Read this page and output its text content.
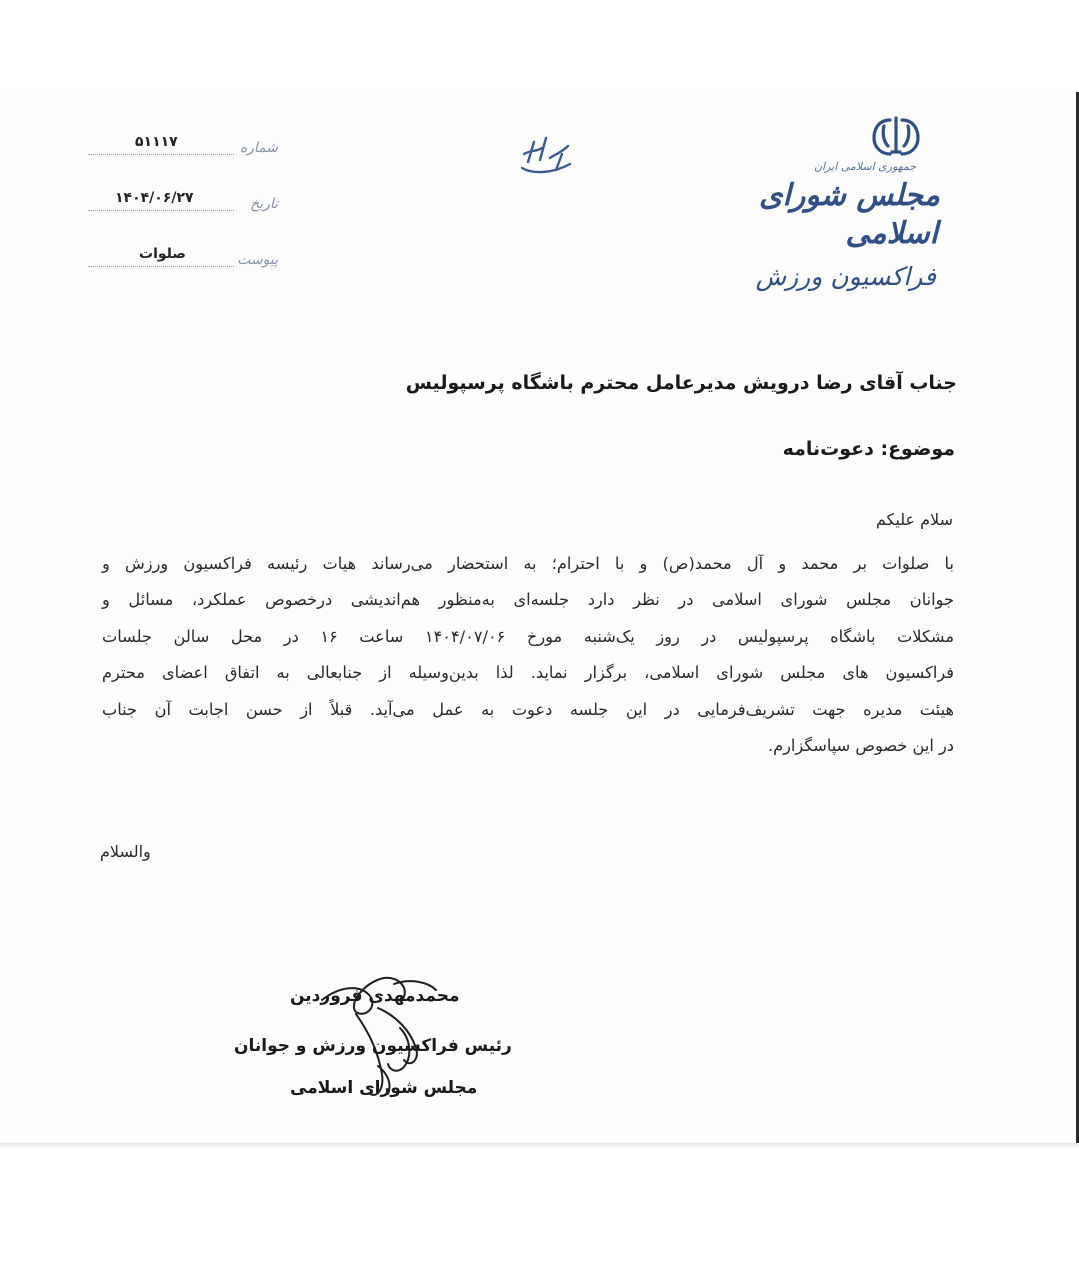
جمهوری اسلامی ایران
مجلس شورای
اسلامی
فراکسیون ورزش
شماره
۵۱۱۱۷
تاریخ
۱۴۰۴/۰۶/۲۷
پیوست
صلوات
جناب آقای رضا درویش مدیرعامل محترم باشگاه پرسپولیس
موضوع: دعوت‌نامه
سلام علیکم
با صلوات بر محمد و آل محمد(ص) و با احترام؛ به استحضار می‌رساند هیات رئیسه فراکسیون ورزش و
جوانان مجلس شورای اسلامی در نظر دارد جلسه‌ای به‌منظور هم‌اندیشی درخصوص عملکرد، مسائل و
مشکلات باشگاه پرسپولیس در روز یک‌شنبه مورخ ۱۴۰۴/۰۷/۰۶ ساعت ۱۶ در محل سالن جلسات
فراکسیون های مجلس شورای اسلامی، برگزار نماید. لذا بدین‌وسیله از جنابعالی به اتفاق اعضای محترم
هیئت مدیره جهت تشریف‌فرمایی در این جلسه دعوت به عمل می‌آید. قبلاً از حسن اجابت آن جناب
در این خصوص سپاسگزارم.
والسلام
محمدمهدی فروردین
رئیس فراکسیون ورزش و جوانان
مجلس شورای اسلامی
